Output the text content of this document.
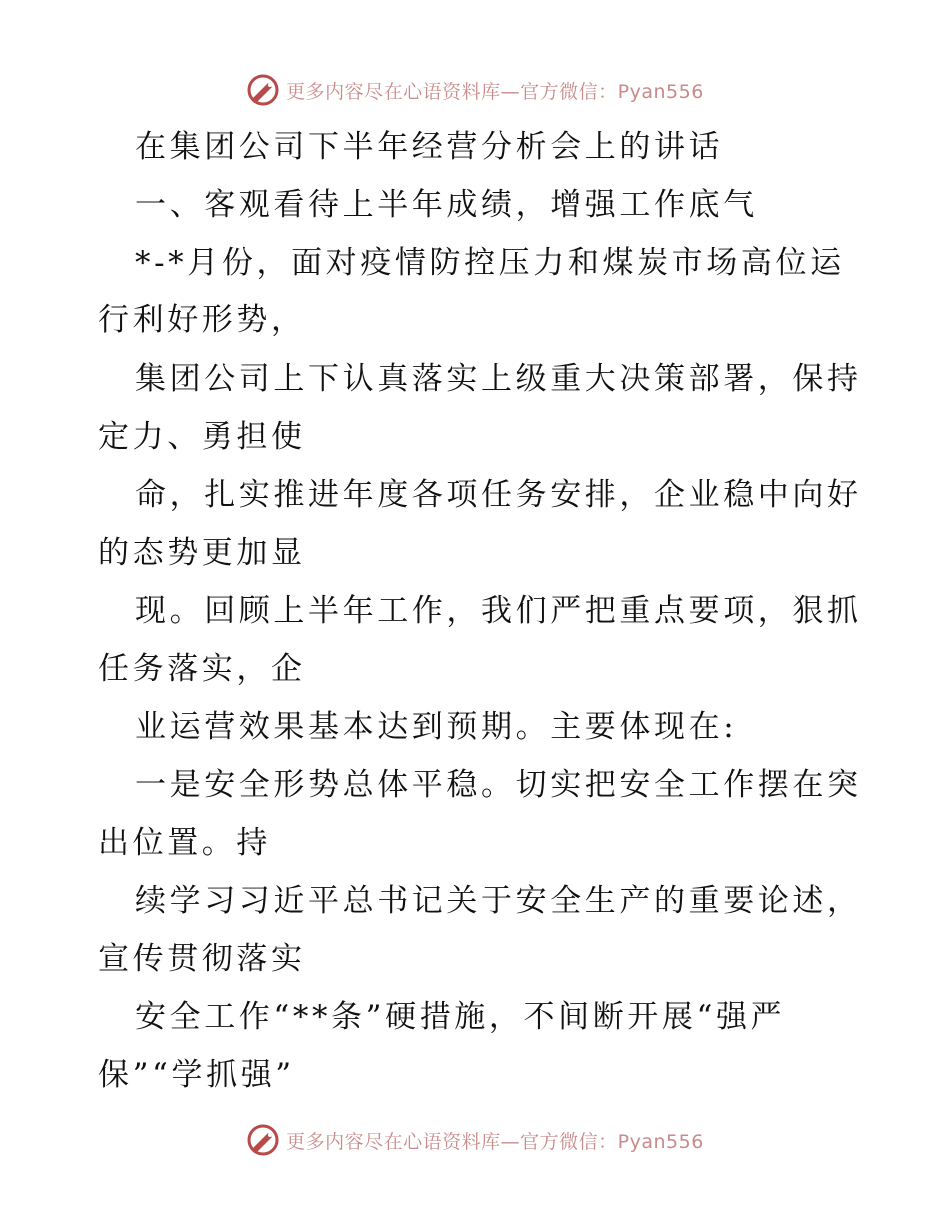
更多内容尽在心语资料库—官方微信：Pyan556
在集团公司下半年经营分析会上的讲话
一、客观看待上半年成绩，增强工作底气
*-*月份，面对疫情防控压力和煤炭市场高位运
行利好形势，
集团公司上下认真落实上级重大决策部署，保持
定力、勇担使
命，扎实推进年度各项任务安排，企业稳中向好
的态势更加显
现。回顾上半年工作，我们严把重点要项，狠抓
任务落实，企
业运营效果基本达到预期。主要体现在:
一是安全形势总体平稳。切实把安全工作摆在突
出位置。持
续学习习近平总书记关于安全生产的重要论述，
宣传贯彻落实
安全工作“**条”硬措施，不间断开展“强严
保”“学抓强”
更多内容尽在心语资料库—官方微信：Pyan556
